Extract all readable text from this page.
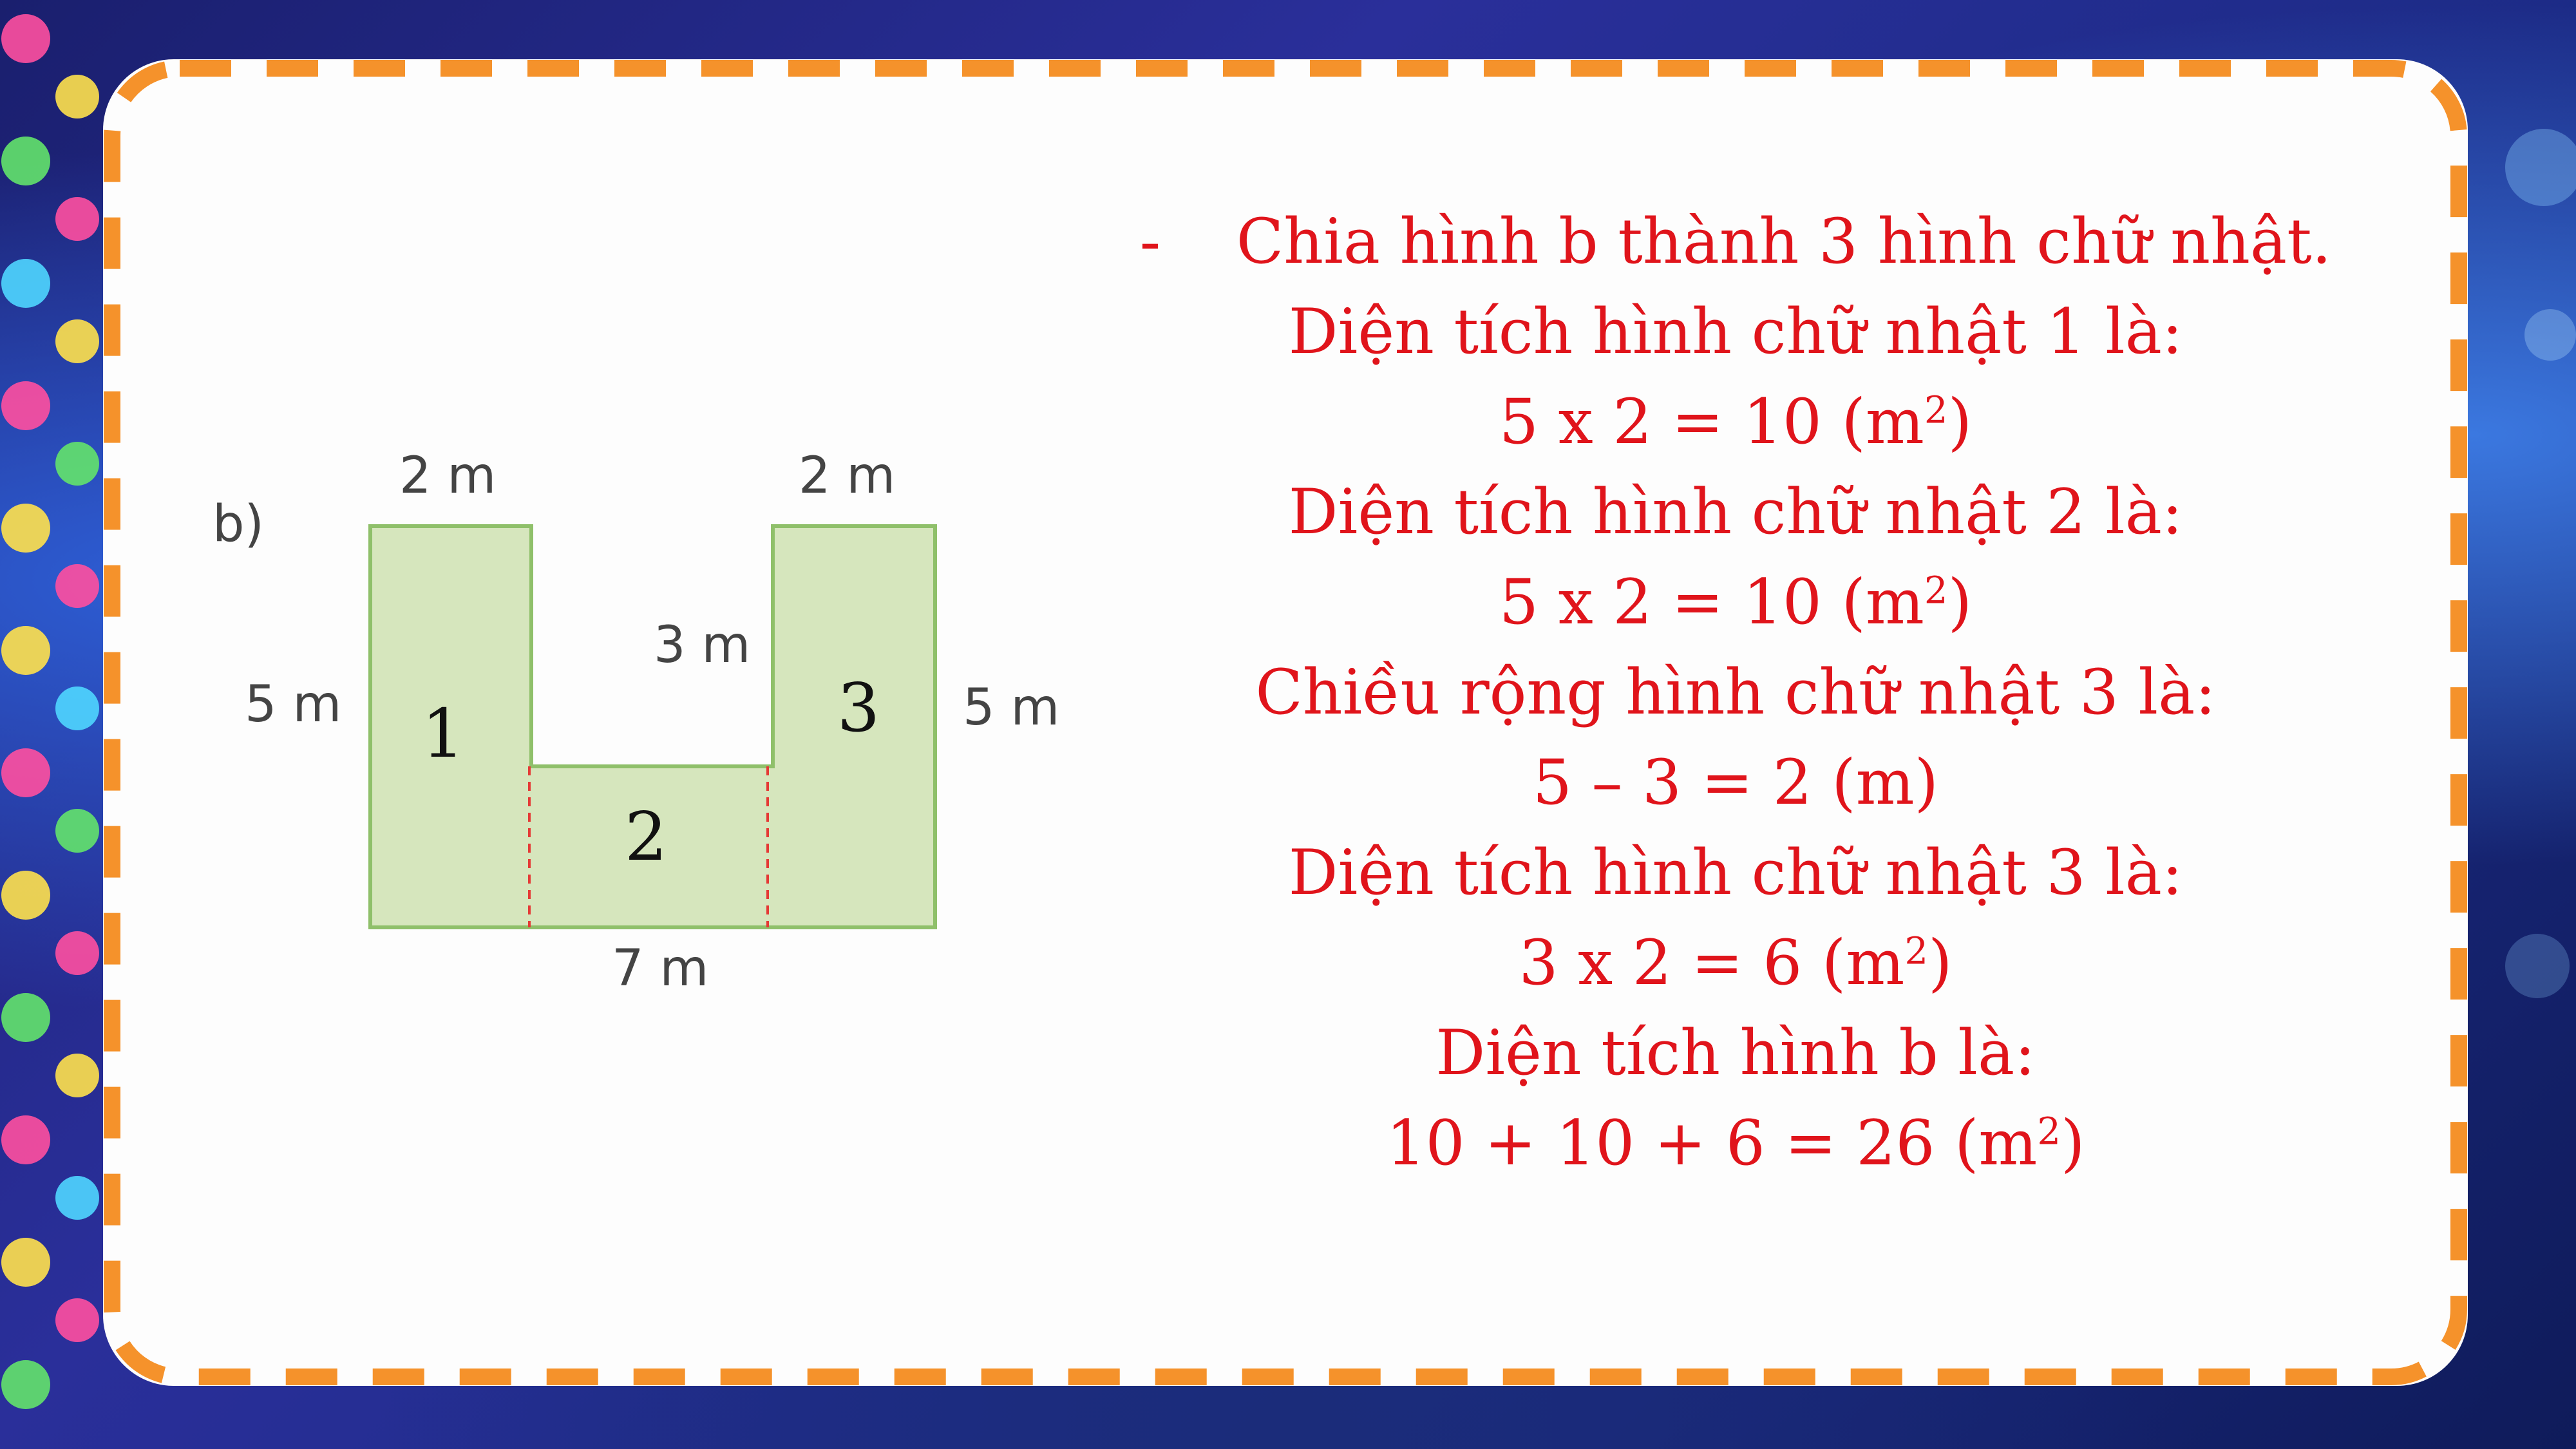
b)
2 m	2 m
5 m	5 m
3 m
7 m
1
2
3
- Chia hình b thành 3 hình chữ nhật.
Diện tích hình chữ nhật 1 là:
5 x 2 = 10 $(m^2)$
Diện tích hình chữ nhật 2 là:
5 x 2 = 10 $(m^2)$
Chiều rộng hình chữ nhật 3 là:
5 – 3 = 2 (m)
Diện tích hình chữ nhật 3 là:
3 x 2 = 6 $(m^2)$
Diện tích hình b là:
10 + 10 + 6 = 26 $(m^2)$
